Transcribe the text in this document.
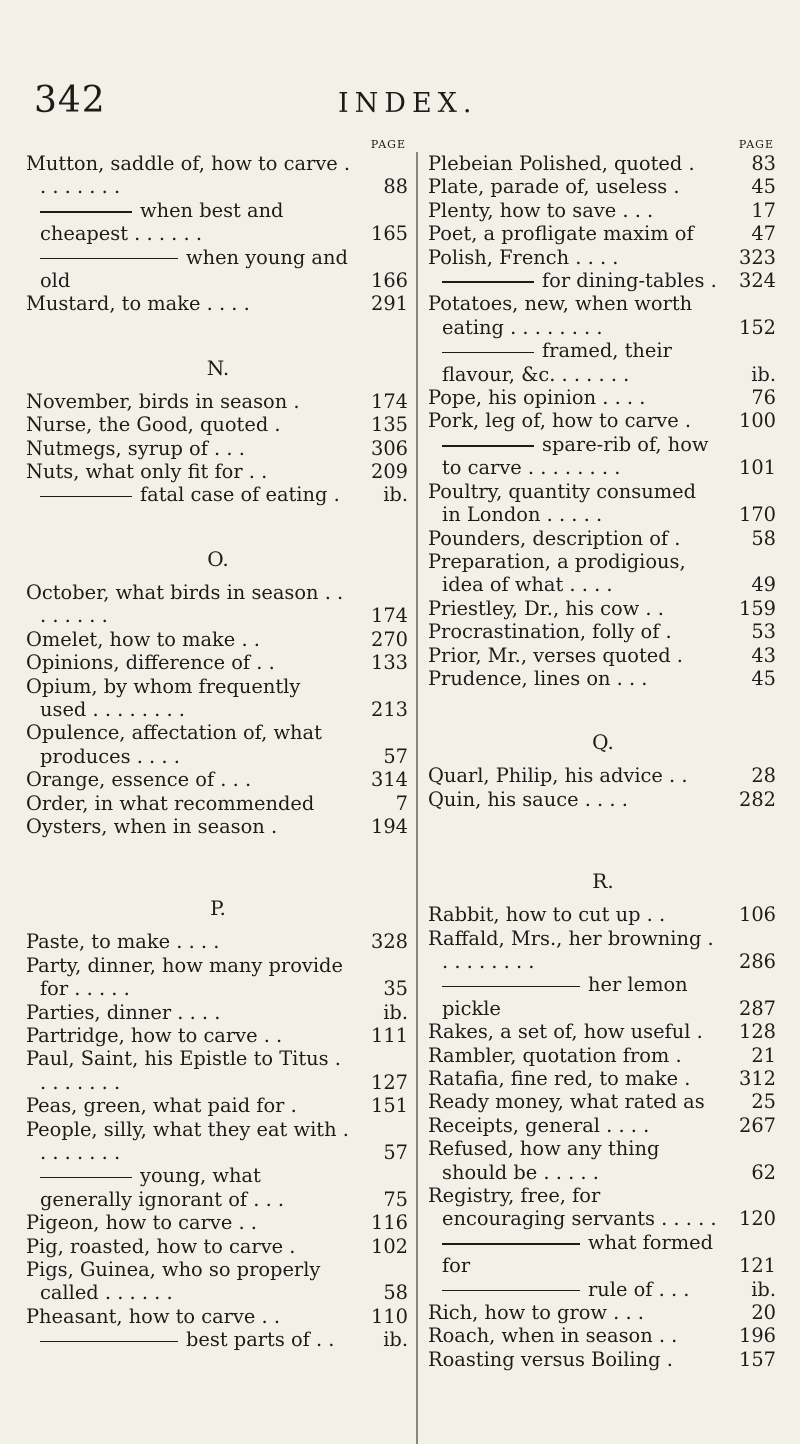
342	INDEX.
PAGE
Mutton, saddle of, how to carve . . . . . . . .	88
when best and cheapest . . . . . .	165
when young and old	166
Mustard, to make . . . .	291
N.
November, birds in season .	174
Nurse, the Good, quoted .	135
Nutmegs, syrup of . . .	306
Nuts, what only fit for . .	209
fatal case of eating .	ib.
O.
October, what birds in season . . . . . . . .	174
Omelet, how to make . .	270
Opinions, difference of . .	133
Opium, by whom frequently used . . . . . . . .	213
Opulence, affectation of, what produces . . . .	57
Orange, essence of . . .	314
Order, in what recommended	7
Oysters, when in season .	194
P.
Paste, to make . . . .	328
Party, dinner, how many provide for . . . . .	35
Parties, dinner . . . .	ib.
Partridge, how to carve . .	111
Paul, Saint, his Epistle to Titus . . . . . . . .	127
Peas, green, what paid for .	151
People, silly, what they eat with . . . . . . . .	57
young, what generally ignorant of . . .	75
Pigeon, how to carve . .	116
Pig, roasted, how to carve .	102
Pigs, Guinea, who so properly called . . . . . .	58
Pheasant, how to carve . .	110
best parts of . .	ib.
PAGE
Plebeian Polished, quoted .	83
Plate, parade of, useless .	45
Plenty, how to save . . .	17
Poet, a profligate maxim of	47
Polish, French . . . .	323
for dining-tables .	324
Potatoes, new, when worth eating . . . . . . . .	152
framed, their flavour, &c. . . . . . .	ib.
Pope, his opinion . . . .	76
Pork, leg of, how to carve .	100
spare-rib of, how to carve . . . . . . . .	101
Poultry, quantity consumed in London . . . . .	170
Pounders, description of .	58
Preparation, a prodigious, idea of what . . . .	49
Priestley, Dr., his cow . .	159
Procrastination, folly of .	53
Prior, Mr., verses quoted .	43
Prudence, lines on . . .	45
Q.
Quarl, Philip, his advice . .	28
Quin, his sauce . . . .	282
R.
Rabbit, how to cut up . .	106
Raffald, Mrs., her browning . . . . . . . . .	286
her lemon pickle	287
Rakes, a set of, how useful .	128
Rambler, quotation from .	21
Ratafia, fine red, to make .	312
Ready money, what rated as	25
Receipts, general . . . .	267
Refused, how any thing should be . . . . .	62
Registry, free, for encouraging servants . . . . .	120
what formed for	121
rule of . . .	ib.
Rich, how to grow . . .	20
Roach, when in season . .	196
Roasting versus Boiling .	157
